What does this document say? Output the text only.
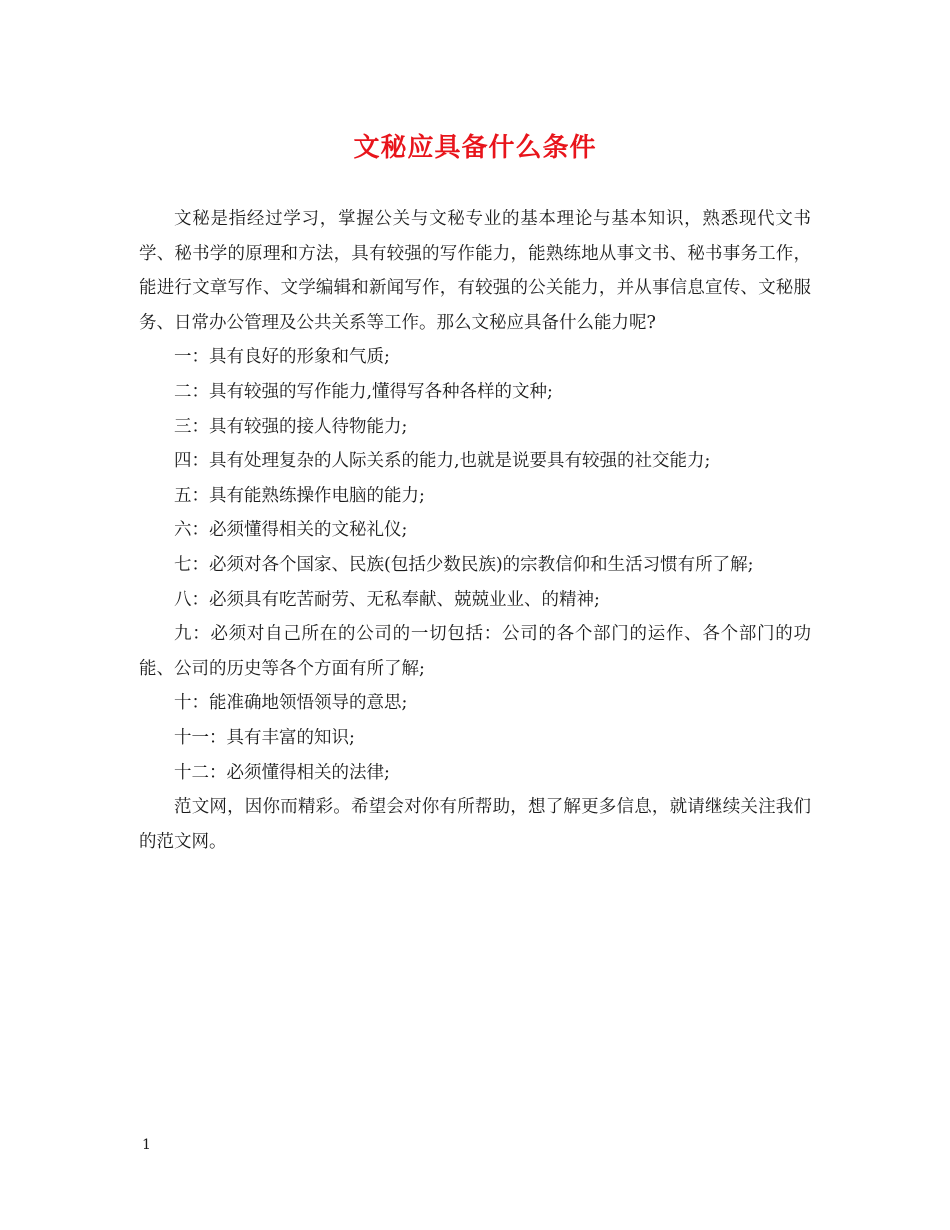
文秘应具备什么条件

文秘是指经过学习，掌握公关与文秘专业的基本理论与基本知识，熟悉现代文书学、秘书学的原理和方法，具有较强的写作能力，能熟练地从事文书、秘书事务工作，能进行文章写作、文学编辑和新闻写作，有较强的公关能力，并从事信息宣传、文秘服务、日常办公管理及公共关系等工作。那么文秘应具备什么能力呢?

一：具有良好的形象和气质;

二：具有较强的写作能力,懂得写各种各样的文种;

三：具有较强的接人待物能力;

四：具有处理复杂的人际关系的能力,也就是说要具有较强的社交能力;

五：具有能熟练操作电脑的能力;

六：必须懂得相关的文秘礼仪;

七：必须对各个国家、民族(包括少数民族)的宗教信仰和生活习惯有所了解;

八：必须具有吃苦耐劳、无私奉献、兢兢业业、的精神;

九：必须对自己所在的公司的一切包括：公司的各个部门的运作、各个部门的功能、公司的历史等各个方面有所了解;

十：能准确地领悟领导的意思;

十一：具有丰富的知识;

十二：必须懂得相关的法律;

范文网，因你而精彩。希望会对你有所帮助，想了解更多信息，就请继续关注我们的范文网。

1
